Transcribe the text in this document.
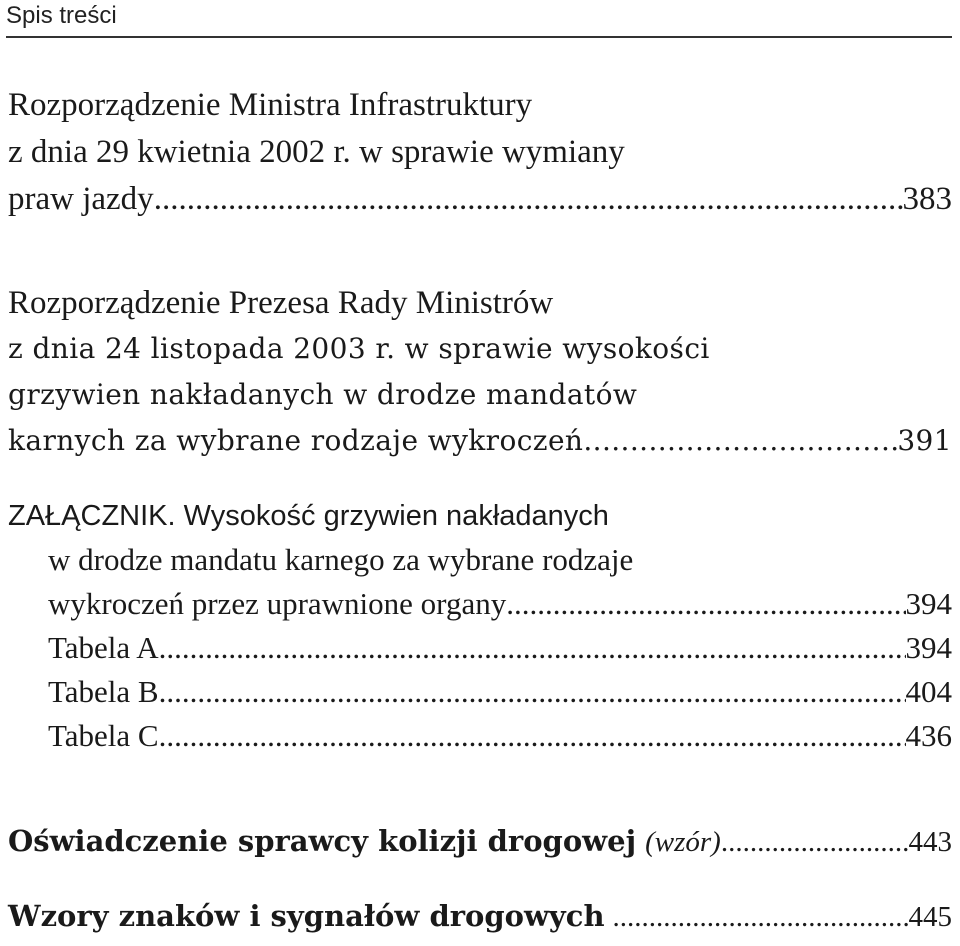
Spis treści
Rozporządzenie Ministra Infrastruktury
z dnia 29 kwietnia 2002 r. w sprawie wymiany
praw jazdy .....	383
Rozporządzenie Prezesa Rady Ministrów
z dnia 24 listopada 2003 r. w sprawie wysokości
grzywien nakładanych w drodze mandatów
karnych za wybrane rodzaje wykroczeń .....	391
ZAŁĄCZNIK. Wysokość grzywien nakładanych
w drodze mandatu karnego za wybrane rodzaje
wykroczeń przez uprawnione organy .....	394
Tabela A .....	394
Tabela B .....	404
Tabela C .....	436
Oświadczenie sprawcy kolizji drogowej (wzór) .....	443
Wzory znaków i sygnałów drogowych .....	445
